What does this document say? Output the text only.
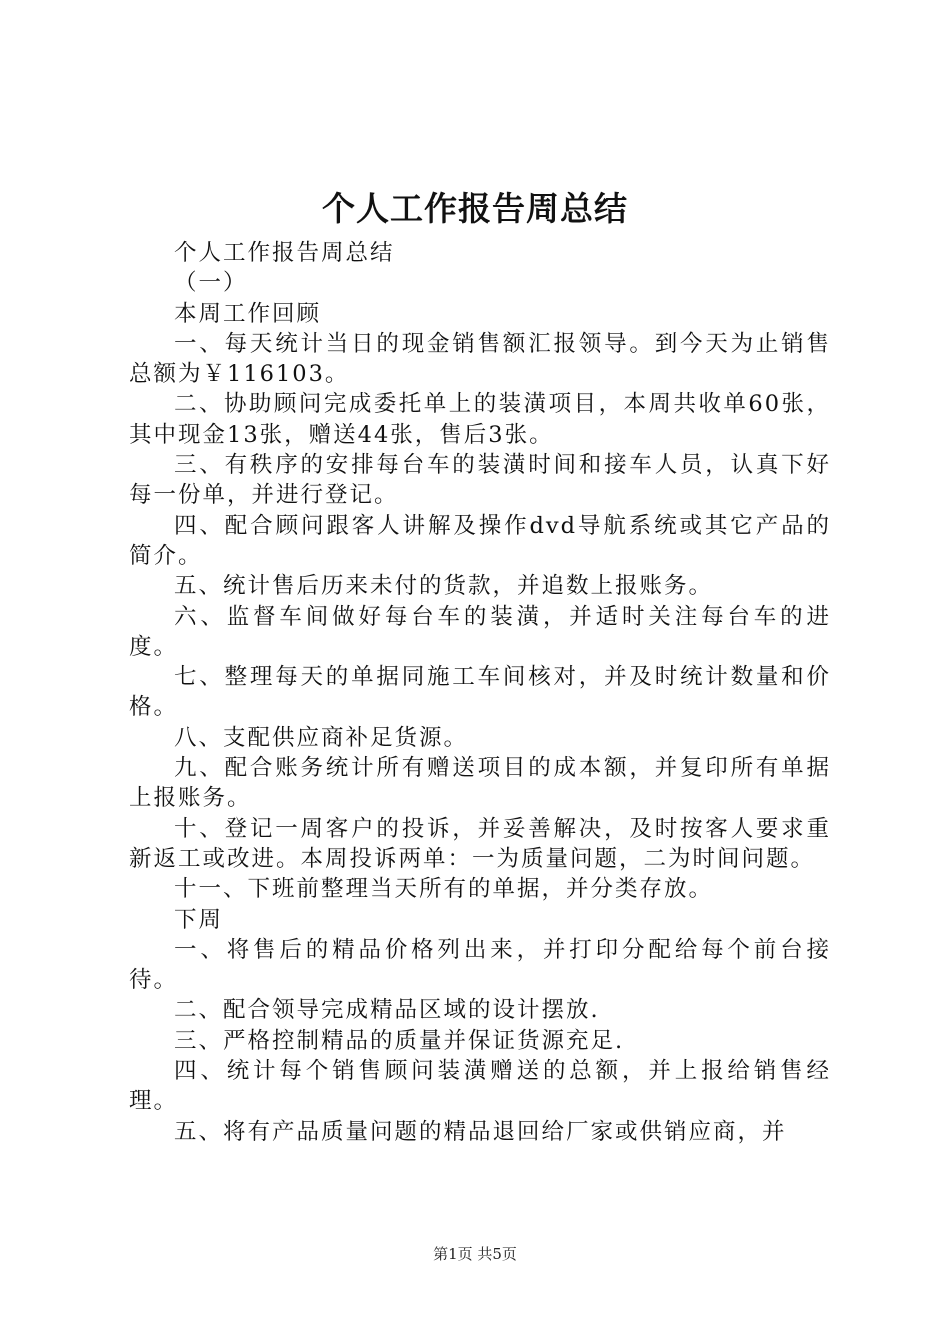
个人工作报告周总结

个人工作报告周总结

（一）

本周工作回顾

一、每天统计当日的现金销售额汇报领导。到今天为止销售总额为￥116103。

二、协助顾问完成委托单上的装潢项目，本周共收单60张，其中现金13张，赠送44张，售后3张。

三、有秩序的安排每台车的装潢时间和接车人员，认真下好每一份单，并进行登记。

四、配合顾问跟客人讲解及操作dvd导航系统或其它产品的简介。

五、统计售后历来未付的货款，并追数上报账务。

六、监督车间做好每台车的装潢，并适时关注每台车的进度。

七、整理每天的单据同施工车间核对，并及时统计数量和价格。

八、支配供应商补足货源。

九、配合账务统计所有赠送项目的成本额，并复印所有单据上报账务。

十、登记一周客户的投诉，并妥善解决，及时按客人要求重新返工或改进。本周投诉两单：一为质量问题，二为时间问题。

十一、下班前整理当天所有的单据，并分类存放。

下周

一、将售后的精品价格列出来，并打印分配给每个前台接待。

二、配合领导完成精品区域的设计摆放.

三、严格控制精品的质量并保证货源充足.

四、统计每个销售顾问装潢赠送的总额，并上报给销售经理。

五、将有产品质量问题的精品退回给厂家或供销应商，并

第1页 共5页
